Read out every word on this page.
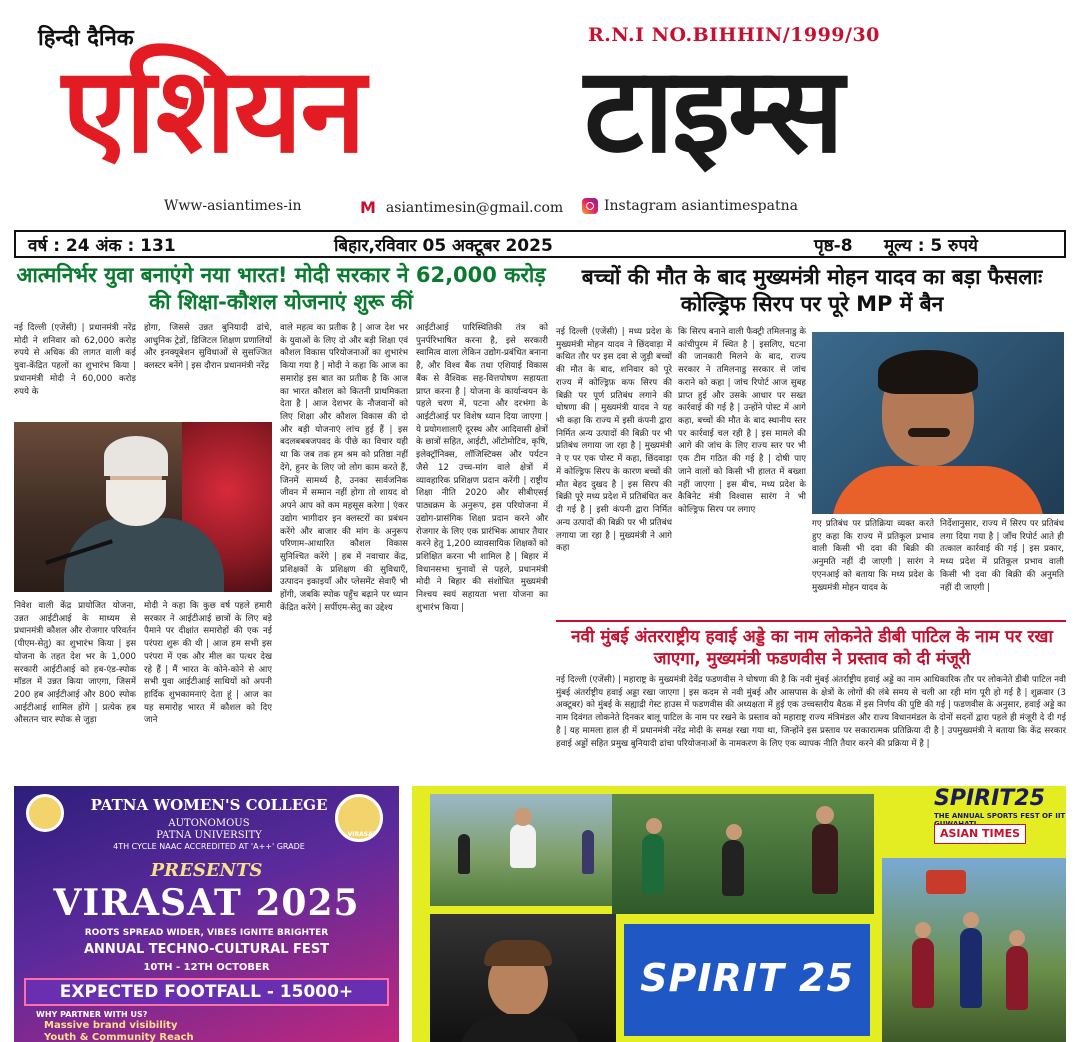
हिन्दी दैनिक	R.N.I NO.BIHHIN/1999/30
एशियन टाइम्स
Www-asiantimes-in	M asiantimesin@gmail.com	Instagram asiantimespatna
वर्ष : 24 अंक : 131	बिहार,रविवार 05 अक्टूबर 2025	पृष्ठ-8 मूल्य : 5 रुपये
आत्मनिर्भर युवा बनाएंगे नया भारत! मोदी सरकार ने 62,000 करोड़ की शिक्षा-कौशल योजनाएं शुरू कीं
नई दिल्ली (एजेंसी) | प्रधानमंत्री नरेंद्र मोदी ने शनिवार को 62,000 करोड़ रुपये से अधिक की लागत वाली कई युवा-केंद्रित पहलों का शुभारंभ किया | प्रधानमंत्री मोदी ने 60,000 करोड़ रुपये के
होगा, जिससे उन्नत बुनियादी ढांचे, आधुनिक ट्रेडों, डिजिटल शिक्षण प्रणालियों और इनक्यूबेशन सुविधाओं से सुसज्जित क्लस्टर बनेंगे | इस दौरान प्रधानमंत्री नरेंद्र
निवेश वाली केंद्र प्रायोजित योजना, उन्नत आईटीआई के माध्यम से प्रधानमंत्री कौशल और रोजगार परिवर्तन (पीएम-सेतु) का शुभारंभ किया | इस योजना के तहत देश भर के 1,000 सरकारी आईटीआई को हब-एंड-स्पोक मॉडल में उन्नत किया जाएगा, जिसमें 200 हब आईटीआई और 800 स्पोक आईटीआई शामिल होंगे | प्रत्येक हब औसतन चार स्पोक से जुड़ा
मोदी ने कहा कि कुछ वर्ष पहले हमारी सरकार ने आईटीआई छात्रों के लिए बड़े पैमाने पर दीक्षांत समारोहों की एक नई परंपरा शुरू की थी | आज हम सभी इस परंपरा में एक और मील का पत्थर देख रहे हैं | मैं भारत के कोने-कोने से आए सभी युवा आईटीआई साथियों को अपनी हार्दिक शुभकामनाएं देता हूं | आज का यह समारोह भारत में कौशल को दिए जाने
वाले महत्व का प्रतीक है | आज देश भर के युवाओं के लिए दो और बड़ी शिक्षा एवं कौशल विकास परियोजनाओं का शुभारंभ किया गया है | मोदी ने कहा कि आज का समारोह इस बात का प्रतीक है कि आज का भारत कौशल को कितनी प्राथमिकता देता है | आज देशभर के नौजवानों को लिए शिक्षा और कौशल विकास की दो और बड़ी योजनाएं लांच हुई हैं | इस बदलबबबजपवद के पीछे का विचार यही था कि जब तक हम श्रम को प्रतिष्ठा नहीं देंगे, हुनर के लिए जो लोग काम करते हैं, जिनमें सामर्थ्य है, उनका सार्वजनिक जीवन में सम्मान नहीं होगा तो शायद वो अपने आप को कम महसूस करेगा | एंकर उद्योग भागीदार इन क्लस्टरों का प्रबंधन करेंगे और बाजार की मांग के अनुरूप परिणाम-आधारित कौशल विकास सुनिश्चित करेंगे | हब में नवाचार केंद्र, प्रशिक्षकों के प्रशिक्षण की सुविधाएँ, उत्पादन इकाइयाँ और प्लेसमेंट सेवाएँ भी होंगी, जबकि स्पोक पहुँच बढ़ाने पर ध्यान केंद्रित करेंगे | सर्पीएम-सेतु का उद्देश्य
आईटीआई पारिस्थितिकी तंत्र को पुनर्परिभाषित करना है, इसे सरकारी स्वामित्व वाला लेकिन उद्योग-प्रबंधित बनाना है, और विश्व बैंक तथा एशियाई विकास बैंक से वैश्विक सह-वित्तपोषण सहायता प्राप्त करना है | योजना के कार्यान्वयन के पहले चरण में, पटना और दरभंगा के आईटीआई पर विशेष ध्यान दिया जाएगा | ये प्रयोगशालाएँ दूरस्थ और आदिवासी क्षेत्रों के छात्रों सहित, आईटी, ऑटोमोटिव, कृषि, इलेक्ट्रॉनिक्स, लॉजिस्टिक्स और पर्यटन जैसे 12 उच्च-मांग वाले क्षेत्रों में व्यावहारिक प्रशिक्षण प्रदान करेंगी | राष्ट्रीय शिक्षा नीति 2020 और सीबीएसई पाठ्यक्रम के अनुरूप, इस परियोजना में उद्योग-प्रासंगिक शिक्षा प्रदान करने और रोजगार के लिए एक प्रारंभिक आधार तैयार करने हेतु 1,200 व्यावसायिक शिक्षकों को प्रशिक्षित करना भी शामिल है | बिहार में विधानसभा चुनावों से पहले, प्रधानमंत्री मोदी ने बिहार की संशोधित मुख्यमंत्री निश्चय स्वयं सहायता भत्ता योजना का शुभारंभ किया |
बच्चों की मौत के बाद मुख्यमंत्री मोहन यादव का बड़ा फैसलाः कोल्ड्रिफ सिरप पर पूरे MP में बैन
नई दिल्ली (एजेंसी) | मध्य प्रदेश के मुख्यमंत्री मोहन यादव ने छिंदवाड़ा में कथित तौर पर इस दवा से जुड़ी बच्चों की मौत के बाद, शनिवार को पूरे राज्य में कोल्ड्रिफ़ कफ सिरप की बिक्री पर पूर्ण प्रतिबंध लगाने की घोषणा की | मुख्यमंत्री यादव ने यह भी कहा कि राज्य में इसी कंपनी द्वारा निर्मित अन्य उत्पादों की बिक्री पर भी प्रतिबंध लगाया जा रहा है | मुख्यमंत्री ने ए पर एक पोस्ट में कहा, छिंदवाड़ा में कोल्ड्रिफ सिरप के कारण बच्चों की मौत बेहद दुखद है | इस सिरप की बिक्री पूरे मध्य प्रदेश में प्रतिबंधित कर दी गई है | इसी कंपनी द्वारा निर्मित अन्य उत्पादों की बिक्री पर भी प्रतिबंध लगाया जा रहा है | मुख्यमंत्री ने आगे कहा
कि सिरप बनाने वाली फैक्ट्री तमिलनाडु के कांचीपुरम में स्थित है | इसलिए, घटना की जानकारी मिलने के बाद, राज्य सरकार ने तमिलनाडु सरकार से जांच कराने को कहा | जांच रिपोर्ट आज सुबह प्राप्त हुई और उसके आधार पर सख्त कार्रवाई की गई है | उन्होंने पोस्ट में आगे कहा, बच्चों की मौत के बाद स्थानीय स्तर पर कार्रवाई चल रही है | इस मामले की आगे की जांच के लिए राज्य स्तर पर भी एक टीम गठित की गई है | दोषी पाए जाने वालों को किसी भी हालत में बख्शा नहीं जाएगा | इस बीच, मध्य प्रदेश के कैबिनेट मंत्री विश्वास सारंग ने भी कोल्ड्रिफ सिरप पर लगाए
गए प्रतिबंध पर प्रतिक्रिया व्यक्त करते हुए कहा कि राज्य में प्रतिकूल प्रभाव वाली किसी भी दवा की बिक्री की अनुमति नहीं दी जाएगी | सारंग ने एएनआई को बताया कि मध्य प्रदेश के मुख्यमंत्री मोहन यादव के
निर्देशानुसार, राज्य में सिरप पर प्रतिबंध लगा दिया गया है | जाँच रिपोर्ट आते ही तत्काल कार्रवाई की गई | इस प्रकार, मध्य प्रदेश में प्रतिकूल प्रभाव वाली किसी भी दवा की बिक्री की अनुमति नहीं दी जाएगी |
नवी मुंबई अंतरराष्ट्रीय हवाई अड्डे का नाम लोकनेते डीबी पाटिल के नाम पर रखा जाएगा, मुख्यमंत्री फडणवीस ने प्रस्ताव को दी मंजूरी
नई दिल्ली (एजेंसी) | महाराष्ट्र के मुख्यमंत्री देवेंद्र फडणवीस ने घोषणा की है कि नवी मुंबई अंतर्राष्ट्रीय हवाई अड्डे का नाम आधिकारिक तौर पर लोकनेते डीबी पाटिल नवी मुंबई अंतर्राष्ट्रीय हवाई अड्डा रखा जाएगा | इस कदम से नवी मुंबई और आसपास के क्षेत्रों के लोगों की लंबे समय से चली आ रही मांग पूरी हो गई है | शुक्रवार (3 अक्टूबर) को मुंबई के सह्याद्री गेस्ट हाउस में फडणवीस की अध्यक्षता में हुई एक उच्चस्तरीय बैठक में इस निर्णय की पुष्टि की गई | फडणवीस के अनुसार, हवाई अड्डे का नाम दिवंगत लोकनेते दिनकर बालू पाटिल के नाम पर रखने के प्रस्ताव को महाराष्ट्र राज्य मंत्रिमंडल और राज्य विधानमंडल के दोनों सदनों द्वारा पहले ही मंजूरी दे दी गई है | यह मामला हाल ही में प्रधानमंत्री नरेंद्र मोदी के समक्ष रखा गया था, जिन्होंने इस प्रस्ताव पर सकारात्मक प्रतिक्रिया दी है | उपमुख्यमंत्री ने बताया कि केंद्र सरकार हवाई अड्डों सहित प्रमुख बुनियादी ढांचा परियोजनाओं के नामकरण के लिए एक व्यापक नीति तैयार करने की प्रक्रिया में है |
VIRASAT
PATNA WOMEN'S COLLEGE
AUTONOMOUS
PATNA UNIVERSITY
4TH CYCLE NAAC ACCREDITED AT 'A++' GRADE
PRESENTS
VIRASAT 2025
ROOTS SPREAD WIDER, VIBES IGNITE BRIGHTER
ANNUAL TECHNO-CULTURAL FEST
10TH - 12TH OCTOBER
EXPECTED FOOTFALL - 15000+
WHY PARTNER WITH US?
Massive brand visibility
Youth & Community Reach
SPIRIT 25
SPIRIT25
THE ANNUAL SPORTS FEST OF IIT
ASIAN TIMES
